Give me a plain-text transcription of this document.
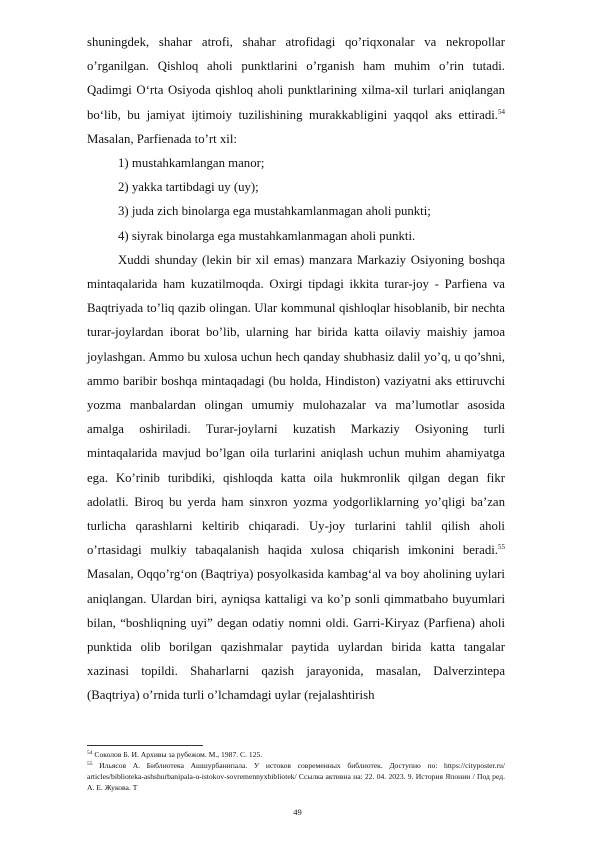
shuningdek, shahar atrofi, shahar atrofidagi qo’riqxonalar va nekropollar o’rganilgan. Qishloq aholi punktlarini o’rganish ham muhim o’rin tutadi. Qadimgi O‘rta Osiyoda qishloq aholi punktlarining xilma-xil turlari aniqlangan bo‘lib, bu jamiyat ijtimoiy tuzilishining murakkabligini yaqqol aks ettiradi.$^{54}$ Masalan, Parfienada to’rt xil:

1) mustahkamlangan manor;

2) yakka tartibdagi uy (uy);

3) juda zich binolarga ega mustahkamlanmagan aholi punkti;

4) siyrak binolarga ega mustahkamlanmagan aholi punkti.

Xuddi shunday (lekin bir xil emas) manzara Markaziy Osiyoning boshqa mintaqalarida ham kuzatilmoqda. Oxirgi tipdagi ikkita turar-joy - Parfiena va Baqtriyada to’liq qazib olingan. Ular kommunal qishloqlar hisoblanib, bir nechta turar-joylardan iborat bo’lib, ularning har birida katta oilaviy maishiy jamoa joylashgan. Ammo bu xulosa uchun hech qanday shubhasiz dalil yo’q, u qo’shni, ammo baribir boshqa mintaqadagi (bu holda, Hindiston) vaziyatni aks ettiruvchi yozma manbalardan olingan umumiy mulohazalar va ma’lumotlar asosida amalga oshiriladi. Turar-joylarni kuzatish Markaziy Osiyoning turli mintaqalarida mavjud bo’lgan oila turlarini aniqlash uchun muhim ahamiyatga ega. Ko’rinib turibdiki, qishloqda katta oila hukmronlik qilgan degan fikr adolatli. Biroq bu yerda ham sinxron yozma yodgorliklarning yo’qligi ba’zan turlicha qarashlarni keltirib chiqaradi. Uy-joy turlarini tahlil qilish aholi o’rtasidagi mulkiy tabaqalanish haqida xulosa chiqarish imkonini beradi.$^{55}$ Masalan, Oqqo’rg‘on (Baqtriya) posyolkasida kambag‘al va boy aholining uylari aniqlangan. Ulardan biri, ayniqsa kattaligi va ko’p sonli qimmatbaho buyumlari bilan, “boshliqning uyi” degan odatiy nomni oldi. Garri-Kiryaz (Parfiena) aholi punktida olib borilgan qazishmalar paytida uylardan birida katta tangalar xazinasi topildi. Shaharlarni qazish jarayonida, masalan, Dalverzintepa (Baqtriya) o’rnida turli o’lchamdagi uylar (rejalashtirish

$^{54}$ Соколов Б. И. Архивы за рубежом. М., 1987. С. 125.

$^{55}$ Ильясов А. Библиотека Ашшурбанипала. У истоков современных библиотек. Доступно по: https://cityposter.ru/ articles/biblioteka-ashshurbanipala-u-istokov-sovremennyxbibliotek/ Ссылка активна на: 22. 04. 2023. 9. История Японии / Под ред. А. Е. Жукова. Т

49
